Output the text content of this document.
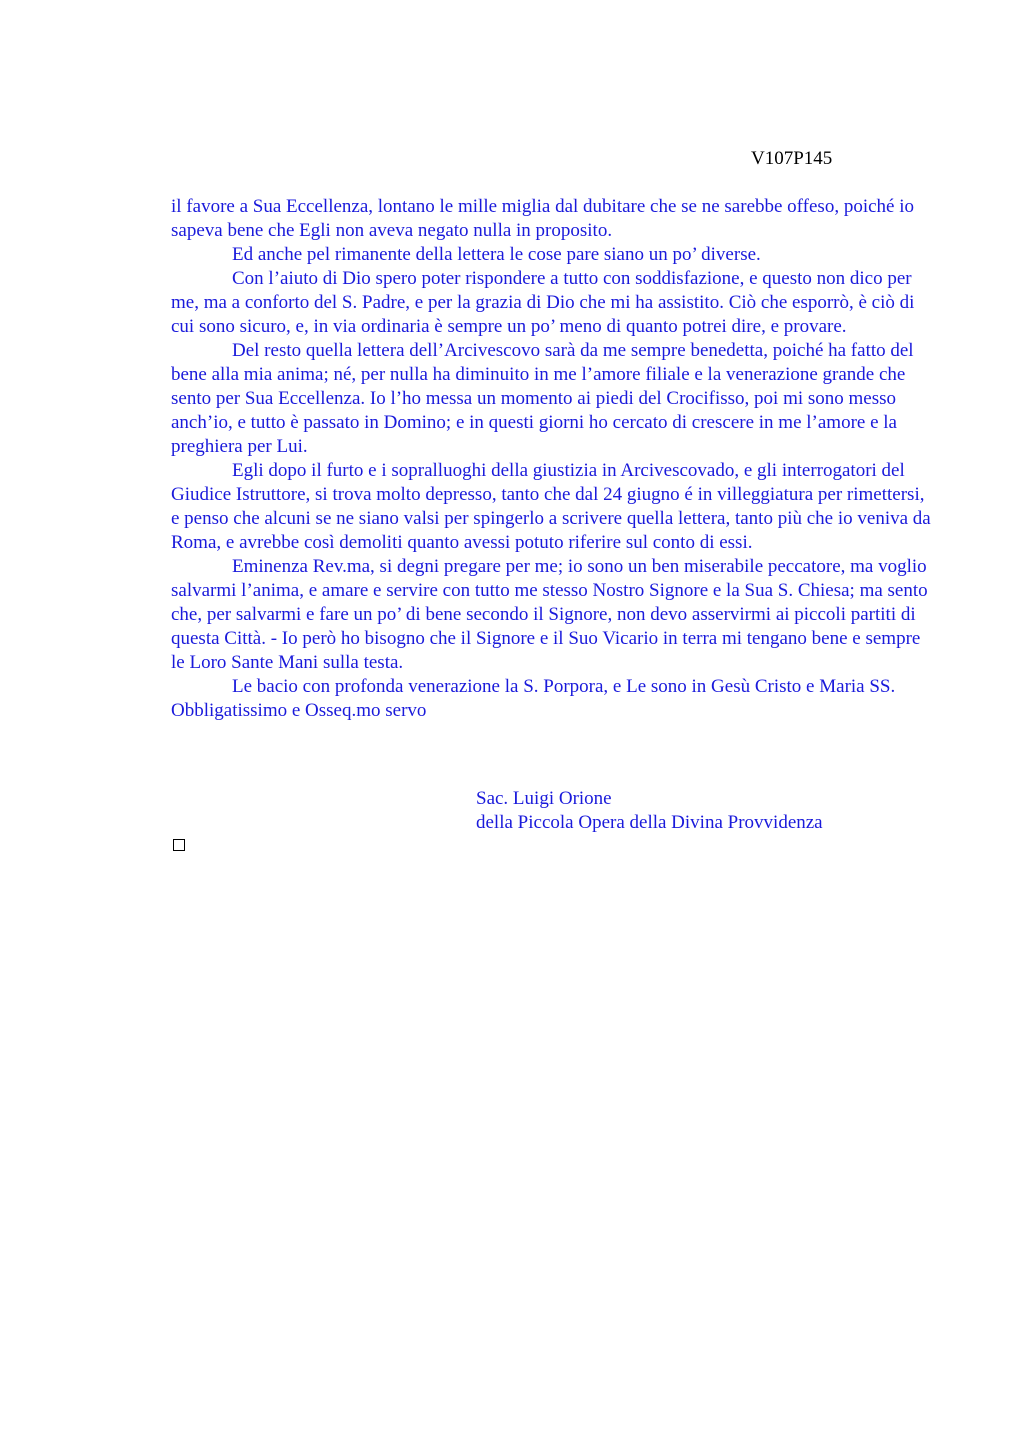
V107P145

il favore a Sua Eccellenza, lontano le mille miglia dal dubitare che se ne sarebbe offeso, poiché io sapeva bene che Egli non aveva negato nulla in proposito.

Ed anche pel rimanente della lettera le cose pare siano un po’ diverse.

Con l’aiuto di Dio spero poter rispondere a tutto con soddisfazione, e questo non dico per me, ma a conforto del S. Padre, e per la grazia di Dio che mi ha assistito. Ciò che esporrò, è ciò di cui sono sicuro, e, in via ordinaria è sempre un po’ meno di quanto potrei dire, e provare.

Del resto quella lettera dell’Arcivescovo sarà da me sempre benedetta, poiché ha fatto del bene alla mia anima; né, per nulla ha diminuito in me l’amore filiale e la venerazione grande che sento per Sua Eccellenza. Io l’ho messa un momento ai piedi del Crocifisso, poi mi sono messo anch’io, e tutto è passato in Domino; e in questi giorni ho cercato di crescere in me l’amore e la preghiera per Lui.

Egli dopo il furto e i sopralluoghi della giustizia in Arcivescovado, e gli interrogatori del Giudice Istruttore, si trova molto depresso, tanto che dal 24 giugno é in villeggiatura per rimettersi, e penso che alcuni se ne siano valsi per spingerlo a scrivere quella lettera, tanto più che io veniva da Roma, e avrebbe così demoliti quanto avessi potuto riferire sul conto di essi.

Eminenza Rev.ma, si degni pregare per me; io sono un ben miserabile peccatore, ma voglio salvarmi l’anima, e amare e servire con tutto me stesso Nostro Signore e la Sua S. Chiesa; ma sento che, per salvarmi e fare un po’ di bene secondo il Signore, non devo asservirmi ai piccoli partiti di questa Città. - Io però ho bisogno che il Signore e il Suo Vicario in terra mi tengano bene e sempre le Loro Sante Mani sulla testa.

Le bacio con profonda venerazione la S. Porpora, e Le sono in Gesù Cristo e Maria SS. Obbligatissimo e Osseq.mo servo

Sac. Luigi Orione
della Piccola Opera della Divina Provvidenza
